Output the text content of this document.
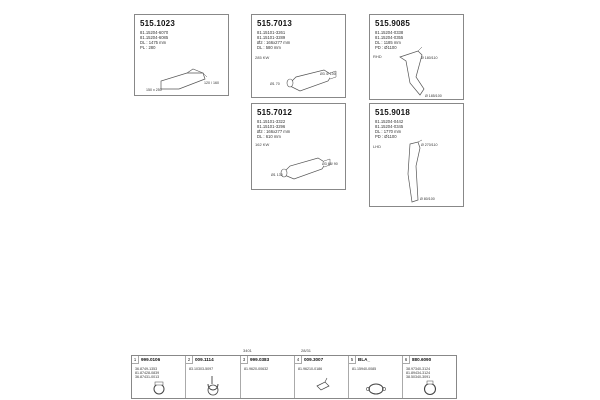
515.1023
81.15204-6070
81.15204-6085
DL : 1475 mm
PL : 280
150 x 250
120 / 160
515.7013
81.15101-3261
81.15101-3289
Ø2 : 166x277 mm
DL : 580 mm
285 KW
Ø1 70
Ø3 4/ 100
515.9085
81.15204-0338
81.15204-0355
DL : 1185 mm
PD : Ø1100
RHD	Ø 180/110
Ø 185/100
515.7012
81.15101-3322
81.15101-3296
Ø2 : 166x277 mm
DL : 610 mm
162 KW
Ø1 130
Ø3 68/ 90
515.9018
81.15204-0442
81.15204-0345
DL : 1770 mm
PD : Ø1100
LHD	Ø 270/110
Ø 80/100
3401	28/31
1	999.0106
36.8749-1353
81.87428-0839
36.87431-0013
2	009.1114
83.10303-5097
3	999.0383
81.9620-00632
4	009.3007
81.96210-0186
5	BLA_
81.15940-0085
6	880.6090
38.97340-3124
81.89434-3124
38.50340-3091
